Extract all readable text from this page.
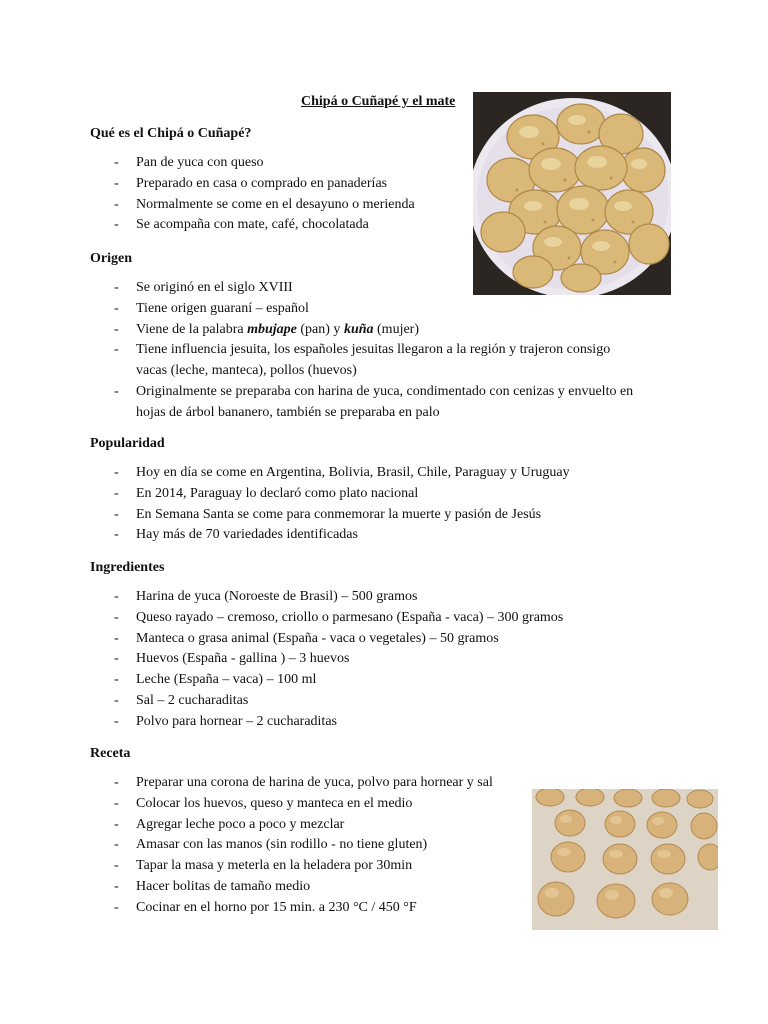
Chipá o Cuñapé y el mate
Qué es el Chipá o Cuñapé?
- Pan de yuca con queso
- Preparado en casa o comprado en panaderías
- Normalmente se come en el desayuno o merienda
- Se acompaña con mate, café, chocolatada
Origen
- Se originó en el siglo XVIII
- Tiene origen guaraní – español
- Viene de la palabra mbujape (pan) y kuña (mujer)
- Tiene influencia jesuita, los españoles jesuitas llegaron a la región y trajeron consigo
vacas (leche, manteca), pollos (huevos)
- Originalmente se preparaba con harina de yuca, condimentado con cenizas y envuelto en
hojas de árbol bananero, también se preparaba en palo
Popularidad
- Hoy en día se come en Argentina, Bolivia, Brasil, Chile, Paraguay y Uruguay
- En 2014, Paraguay lo declaró como plato nacional
- En Semana Santa se come para conmemorar la muerte y pasión de Jesús
- Hay más de 70 variedades identificadas
Ingredientes
- Harina de yuca (Noroeste de Brasil) – 500 gramos
- Queso rayado – cremoso, criollo o parmesano (España - vaca) – 300 gramos
- Manteca o grasa animal (España - vaca o vegetales) – 50 gramos
- Huevos (España - gallina ) – 3 huevos
- Leche (España – vaca) – 100 ml
- Sal – 2 cucharaditas
- Polvo para hornear – 2 cucharaditas
Receta
- Preparar una corona de harina de yuca, polvo para hornear y sal
- Colocar los huevos, queso y manteca en el medio
- Agregar leche poco a poco y mezclar
- Amasar con las manos (sin rodillo - no tiene gluten)
- Tapar la masa y meterla en la heladera por 30min
- Hacer bolitas de tamaño medio
- Cocinar en el horno por 15 min. a 230 °C / 450 °F
